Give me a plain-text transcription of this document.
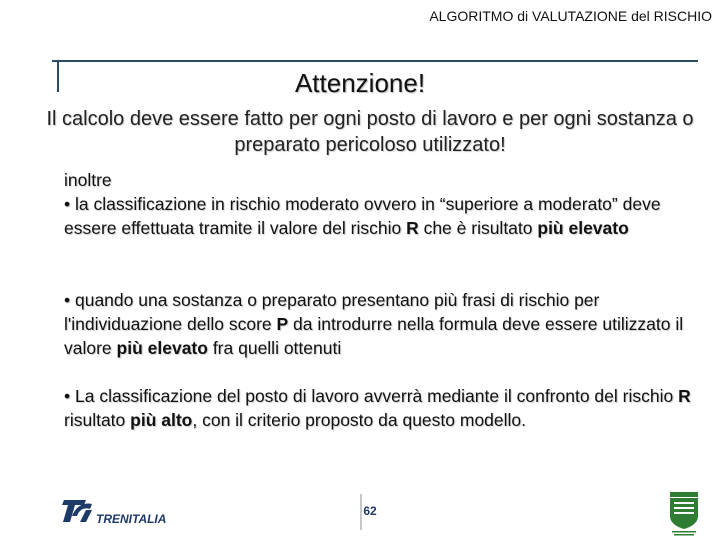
ALGORITMO di VALUTAZIONE del RISCHIO
Attenzione!
Il calcolo deve essere fatto per ogni posto di lavoro e per ogni sostanza o preparato pericoloso utilizzato!
inoltre
• la classificazione in rischio moderato ovvero in “superiore a moderato” deve essere effettuata tramite il valore del rischio R che è risultato più elevato
• quando una sostanza o preparato presentano più frasi di rischio per l'individuazione dello score P da introdurre nella formula deve essere utilizzato il valore più elevato fra quelli ottenuti
• La classificazione del posto di lavoro avverrà mediante il confronto del rischio R risultato più alto, con il criterio proposto da questo modello.
TRENITALIA
62
